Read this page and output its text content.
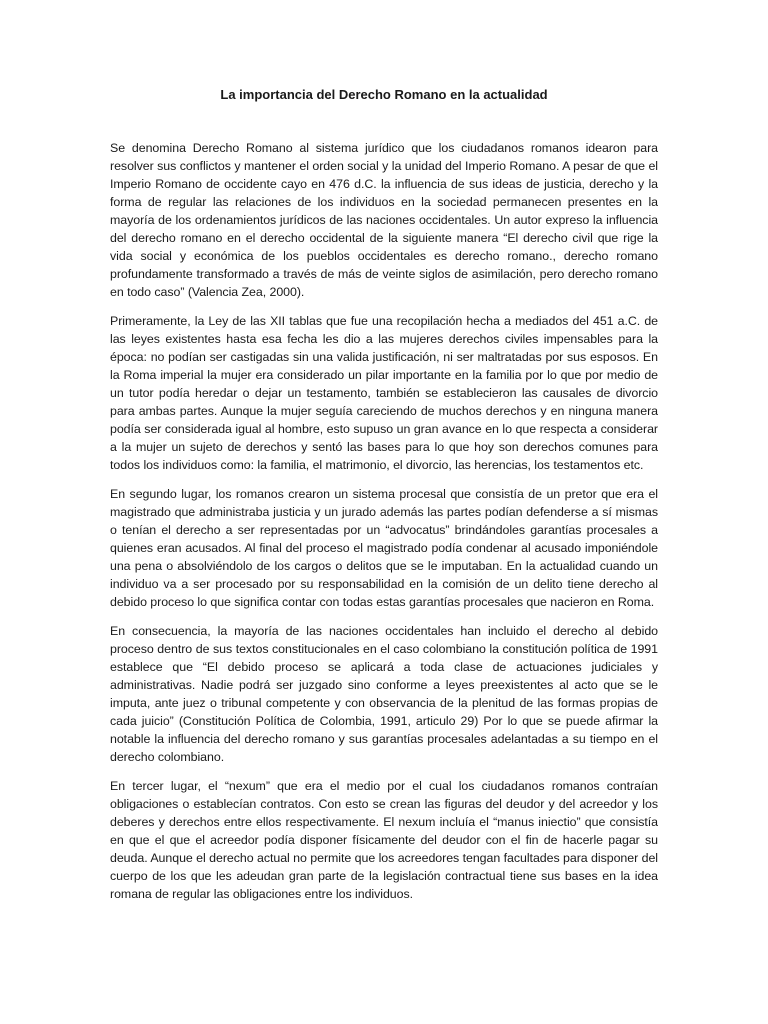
La importancia del Derecho Romano en la actualidad

Se denomina Derecho Romano al sistema jurídico que los ciudadanos romanos idearon para resolver sus conflictos y mantener el orden social y la unidad del Imperio Romano. A pesar de que el Imperio Romano de occidente cayo en 476 d.C. la influencia de sus ideas de justicia, derecho y la forma de regular las relaciones de los individuos en la sociedad permanecen presentes en la mayoría de los ordenamientos jurídicos de las naciones occidentales. Un autor expreso la influencia del derecho romano en el derecho occidental de la siguiente manera “El derecho civil que rige la vida social y económica de los pueblos occidentales es derecho romano., derecho romano profundamente transformado a través de más de veinte siglos de asimilación, pero derecho romano en todo caso” (Valencia Zea, 2000).

Primeramente, la Ley de las XII tablas que fue una recopilación hecha a mediados del 451 a.C. de las leyes existentes hasta esa fecha les dio a las mujeres derechos civiles impensables para la época: no podían ser castigadas sin una valida justificación, ni ser maltratadas por sus esposos. En la Roma imperial la mujer era considerado un pilar importante en la familia por lo que por medio de un tutor podía heredar o dejar un testamento, también se establecieron las causales de divorcio para ambas partes. Aunque la mujer seguía careciendo de muchos derechos y en ninguna manera podía ser considerada igual al hombre, esto supuso un gran avance en lo que respecta a considerar a la mujer un sujeto de derechos y sentó las bases para lo que hoy son derechos comunes para todos los individuos como: la familia, el matrimonio, el divorcio, las herencias, los testamentos etc.

En segundo lugar, los romanos crearon un sistema procesal que consistía de un pretor que era el magistrado que administraba justicia y un jurado además las partes podían defenderse a sí mismas o tenían el derecho a ser representadas por un “advocatus” brindándoles garantías procesales a quienes eran acusados. Al final del proceso el magistrado podía condenar al acusado imponiéndole una pena o absolviéndolo de los cargos o delitos que se le imputaban. En la actualidad cuando un individuo va a ser procesado por su responsabilidad en la comisión de un delito tiene derecho al debido proceso lo que significa contar con todas estas garantías procesales que nacieron en Roma.

En consecuencia, la mayoría de las naciones occidentales han incluido el derecho al debido proceso dentro de sus textos constitucionales en el caso colombiano la constitución política de 1991 establece que “El debido proceso se aplicará a toda clase de actuaciones judiciales y administrativas. Nadie podrá ser juzgado sino conforme a leyes preexistentes al acto que se le imputa, ante juez o tribunal competente y con observancia de la plenitud de las formas propias de cada juicio” (Constitución Política de Colombia, 1991, articulo 29) Por lo que se puede afirmar la notable la influencia del derecho romano y sus garantías procesales adelantadas a su tiempo en el derecho colombiano.

En tercer lugar, el “nexum” que era el medio por el cual los ciudadanos romanos contraían obligaciones o establecían contratos. Con esto se crean las figuras del deudor y del acreedor y los deberes y derechos entre ellos respectivamente. El nexum incluía el “manus iniectio” que consistía en que el que el acreedor podía disponer físicamente del deudor con el fin de hacerle pagar su deuda. Aunque el derecho actual no permite que los acreedores tengan facultades para disponer del cuerpo de los que les adeudan gran parte de la legislación contractual tiene sus bases en la idea romana de regular las obligaciones entre los individuos.
